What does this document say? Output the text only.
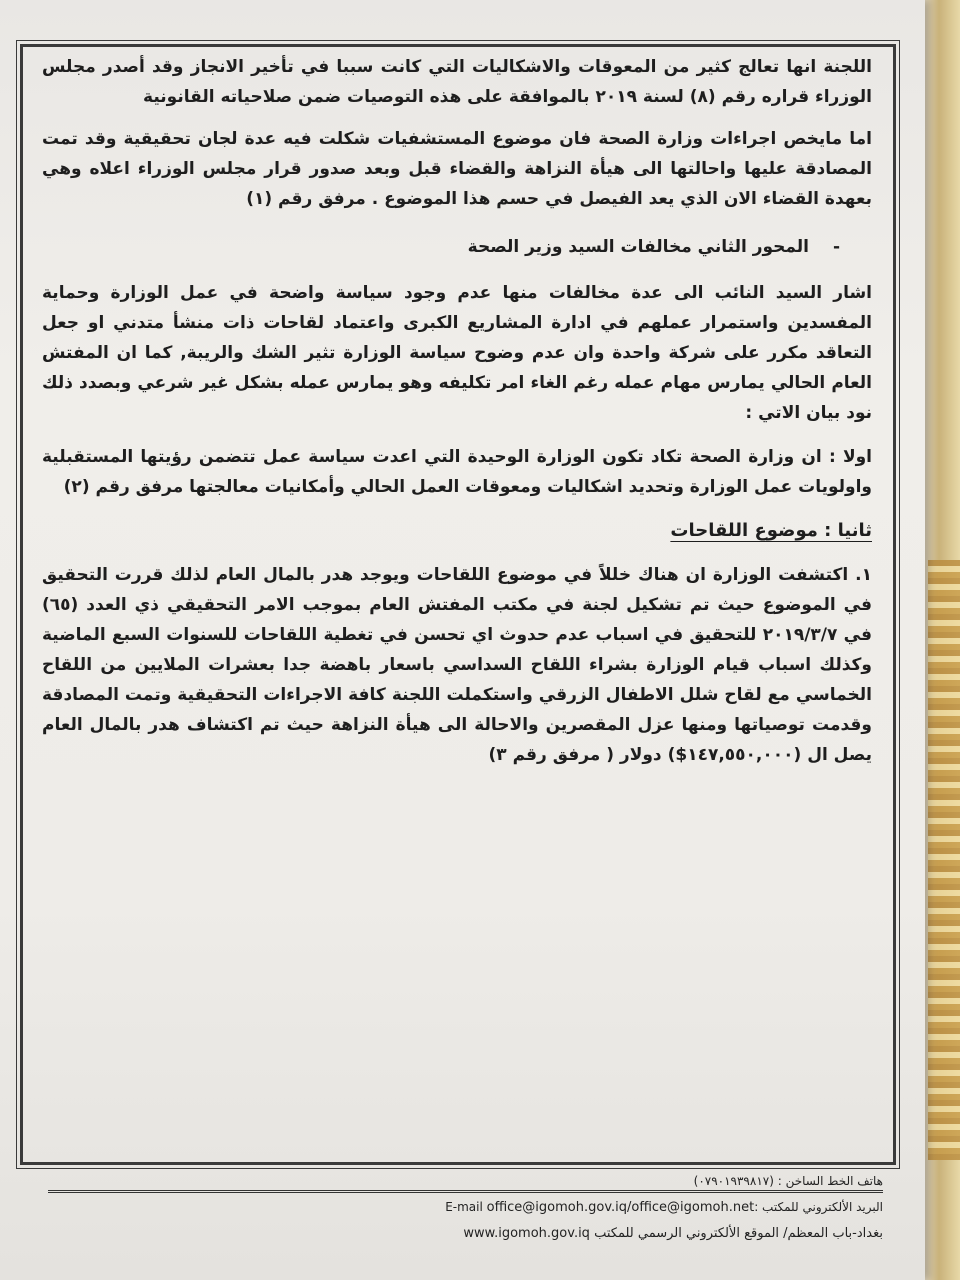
اللجنة انها تعالج كثير من المعوقات والاشكاليات التي كانت سببا في تأخير الانجاز وقد أصدر مجلس الوزراء قراره رقم (٨) لسنة ٢٠١٩ بالموافقة على هذه التوصيات ضمن صلاحياته القانونية

اما مايخص اجراءات وزارة الصحة فان موضوع المستشفيات شكلت فيه عدة لجان تحقيقية وقد تمت المصادقة عليها واحالتها الى هيأة النزاهة والقضاء قبل وبعد صدور قرار مجلس الوزراء اعلاه وهي بعهدة القضاء الان الذي يعد الفيصل في حسم هذا الموضوع . مرفق رقم (١)

- المحور الثاني مخالفات السيد وزير الصحة

اشار السيد النائب الى عدة مخالفات منها عدم وجود سياسة واضحة في عمل الوزارة وحماية المفسدين واستمرار عملهم في ادارة المشاريع الكبرى واعتماد لقاحات ذات منشأ متدني او جعل التعاقد مكرر على شركة واحدة وان عدم وضوح سياسة الوزارة تثير الشك والريبة, كما ان المفتش العام الحالي يمارس مهام عمله رغم الغاء امر تكليفه وهو يمارس عمله بشكل غير شرعي وبصدد ذلك نود بيان الاتي :

اولا : ان وزارة الصحة تكاد تكون الوزارة الوحيدة التي اعدت سياسة عمل تتضمن رؤيتها المستقبلية واولويات عمل الوزارة وتحديد اشكاليات ومعوقات العمل الحالي وأمكانيات معالجتها مرفق رقم (٢)

ثانيا : موضوع اللقاحات

١. اكتشفت الوزارة ان هناك خللاً في موضوع اللقاحات ويوجد هدر بالمال العام لذلك قررت التحقيق في الموضوع حيث تم تشكيل لجنة في مكتب المفتش العام بموجب الامر التحقيقي ذي العدد (٦٥) في ٢٠١٩/٣/٧ للتحقيق في اسباب عدم حدوث اي تحسن في تغطية اللقاحات للسنوات السبع الماضية وكذلك اسباب قيام الوزارة بشراء اللقاح السداسي باسعار باهضة جدا بعشرات الملايين من اللقاح الخماسي مع لقاح شلل الاطفال الزرقي واستكملت اللجنة كافة الاجراءات التحقيقية وتمت المصادقة وقدمت توصياتها ومنها عزل المقصرين والاحالة الى هيأة النزاهة حيث تم اكتشاف هدر بالمال العام يصل ال (١٤٧,٥٥٠,٠٠٠$) دولار ( مرفق رقم ٣)

هاتف الخط الساخن : (٠٧٩٠١٩٣٩٨١٧)
البريد الألكتروني للمكتب :E-mail office@igomoh.gov.iq/office@igomoh.net
بغداد-باب المعظم/ الموقع الألكتروني الرسمي للمكتب www.igomoh.gov.iq
